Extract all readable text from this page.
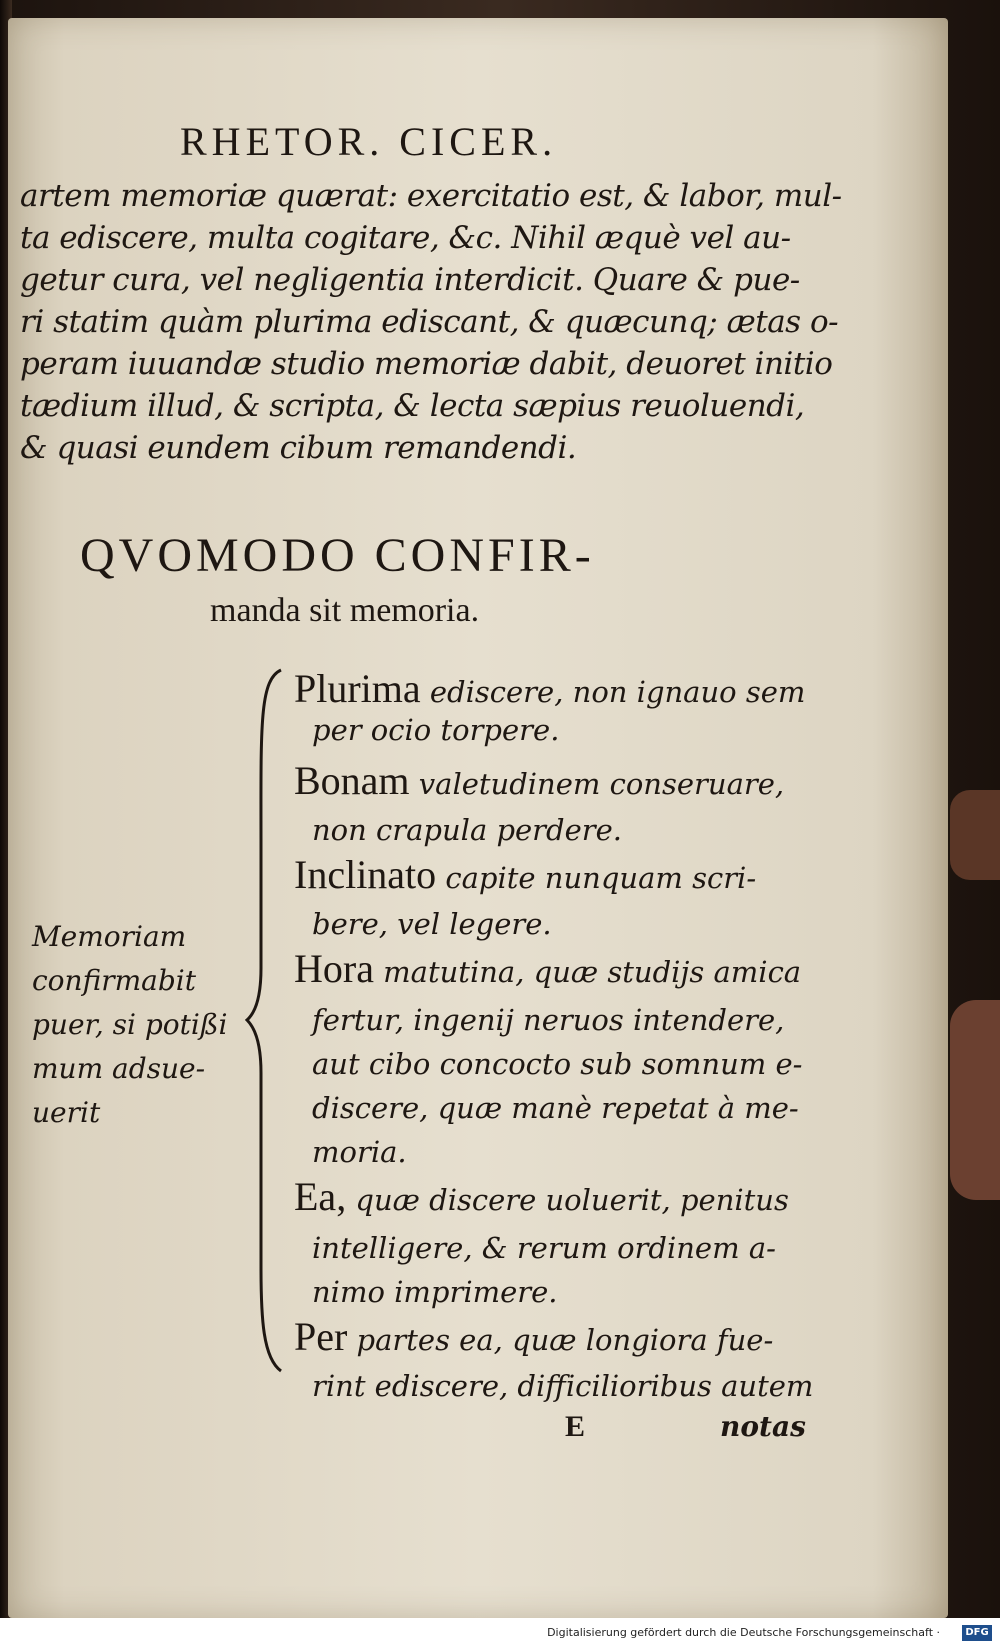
RHETOR. CICER.
artem memoriæ quærat: exercitatio est, & labor, mul-
ta ediscere, multa cogitare, &c. Nihil æquè vel au-
getur cura, vel negligentia interdicit. Quare & pue-
ri statim quàm plurima ediscant, & quæcunq; ætas o-
peram iuuandæ studio memoriæ dabit, deuoret initio
tædium illud, & scripta, & lecta sæpius reuoluendi,
& quasi eundem cibum remandendi.
QVOMODO CONFIR-
manda sit memoria.
Memoriam
confirmabit
puer, si potißi
mum adsue-
uerit
Plurima ediscere, non ignauo sem
per ocio torpere.
Bonam valetudinem conseruare,
non crapula perdere.
Inclinato capite nunquam scri-
bere, vel legere.
Hora matutina, quæ studijs amica
fertur, ingenij neruos intendere,
aut cibo concocto sub somnum e-
discere, quæ manè repetat à me-
moria.
Ea, quæ discere uoluerit, penitus
intelligere, & rerum ordinem a-
nimo imprimere.
Per partes ea, quæ longiora fue-
rint ediscere, difficilioribus autem
E	notas
Digitalisierung gefördert durch die Deutsche Forschungsgemeinschaft ·	DFG
